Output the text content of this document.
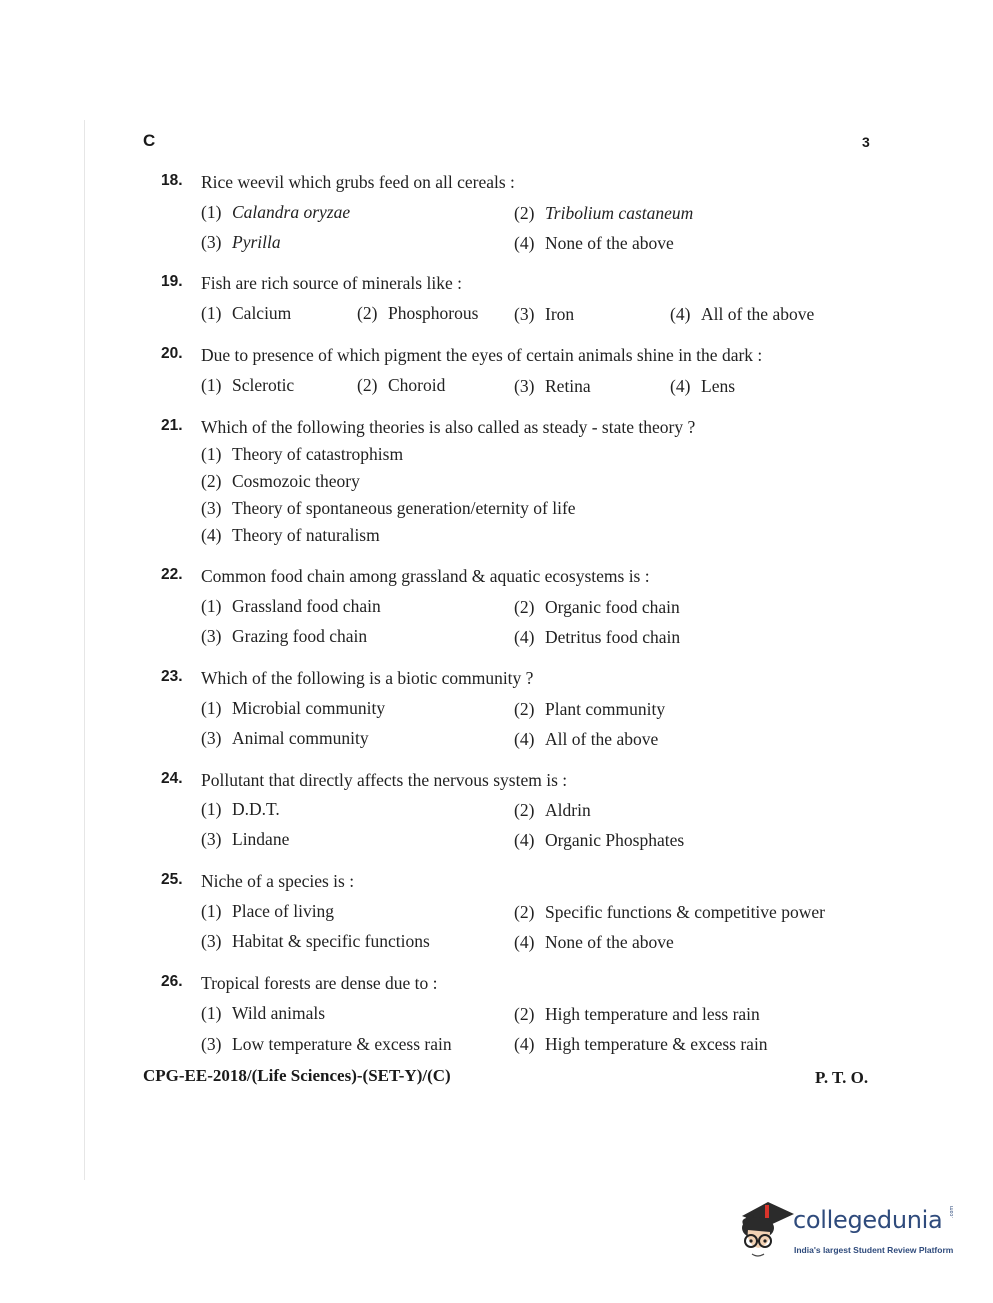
C	3
18. Rice weevil which grubs feed on all cereals :
(1) Calandra oryzae	(2) Tribolium castaneum
(3) Pyrilla	(4) None of the above
19. Fish are rich source of minerals like :
(1) Calcium	(2) Phosphorous (3) Iron	(4) All of the above
20. Due to presence of which pigment the eyes of certain animals shine in the dark :
(1) Sclerotic	(2) Choroid	(3) Retina	(4) Lens
21. Which of the following theories is also called as steady - state theory ?
(1) Theory of catastrophism
(2) Cosmozoic theory
(3) Theory of spontaneous generation/eternity of life
(4) Theory of naturalism
22. Common food chain among grassland & aquatic ecosystems is :
(1) Grassland food chain	(2) Organic food chain
(3) Grazing food chain	(4) Detritus food chain
23. Which of the following is a biotic community ?
(1) Microbial community	(2) Plant community
(3) Animal community	(4) All of the above
24. Pollutant that directly affects the nervous system is :
(1) D.D.T.	(2) Aldrin
(3) Lindane	(4) Organic Phosphates
25. Niche of a species is :
(1) Place of living	(2) Specific functions & competitive power
(3) Habitat & specific functions	(4) None of the above
26. Tropical forests are dense due to :
(1) Wild animals	(2) High temperature and less rain
(3) Low temperature & excess rain	(4) High temperature & excess rain
CPG-EE-2018/(Life Sciences)-(SET-Y)/(C)	P. T. O.
collegedunia .com
India's largest Student Review Platform
